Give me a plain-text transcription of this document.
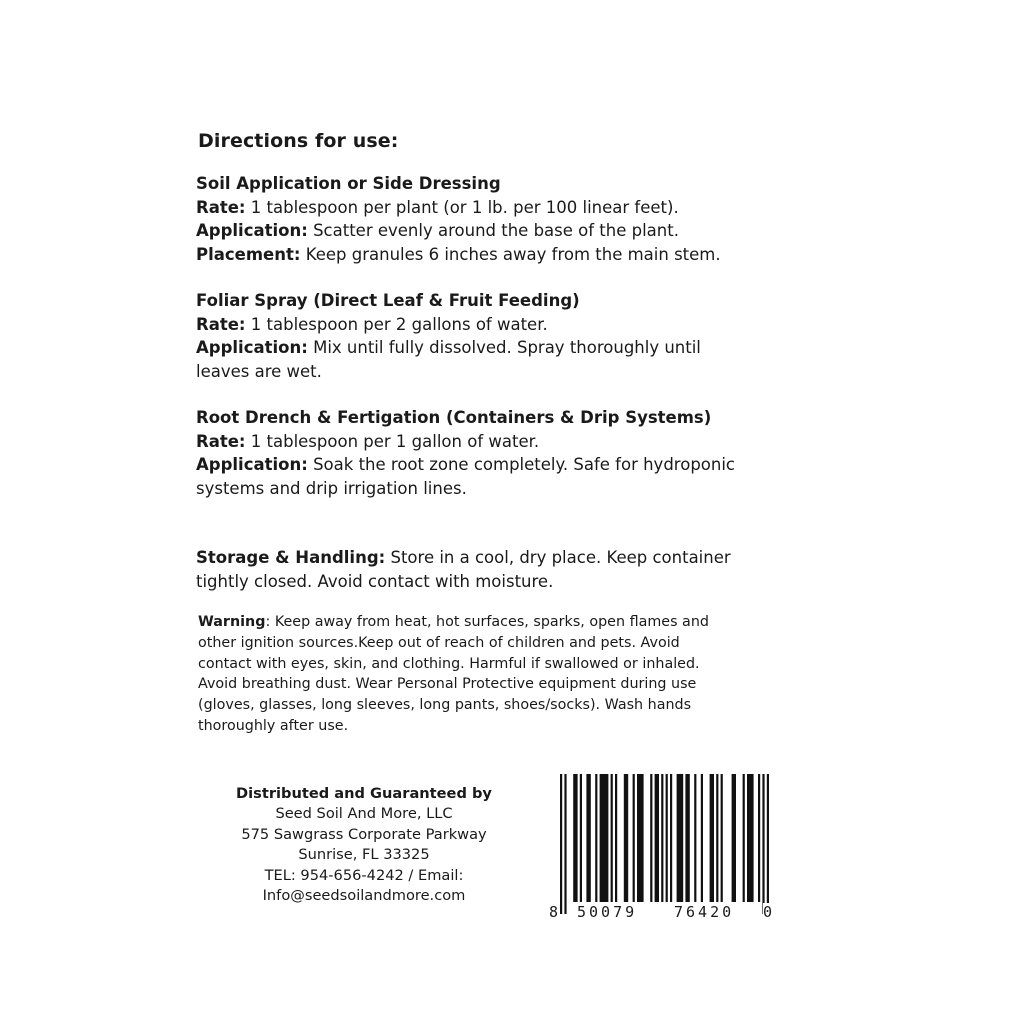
Directions for use:
Soil Application or Side Dressing
Rate: 1 tablespoon per plant (or 1 lb. per 100 linear feet).
Application: Scatter evenly around the base of the plant.
Placement: Keep granules 6 inches away from the main stem.
Foliar Spray (Direct Leaf & Fruit Feeding)
Rate: 1 tablespoon per 2 gallons of water.
Application: Mix until fully dissolved. Spray thoroughly until
leaves are wet.
Root Drench & Fertigation (Containers & Drip Systems)
Rate: 1 tablespoon per 1 gallon of water.
Application: Soak the root zone completely. Safe for hydroponic
systems and drip irrigation lines.
Storage & Handling: Store in a cool, dry place. Keep container
tightly closed. Avoid contact with moisture.
Warning: Keep away from heat, hot surfaces, sparks, open flames and
other ignition sources.Keep out of reach of children and pets. Avoid
contact with eyes, skin, and clothing. Harmful if swallowed or inhaled.
Avoid breathing dust. Wear Personal Protective equipment during use
(gloves, glasses, long sleeves, long pants, shoes/socks). Wash hands
thoroughly after use.
Distributed and Guaranteed by
Seed Soil And More, LLC
575 Sawgrass Corporate Parkway
Sunrise, FL 33325
TEL: 954-656-4242 / Email:
Info@seedsoilandmore.com
8 50079 76420 0
